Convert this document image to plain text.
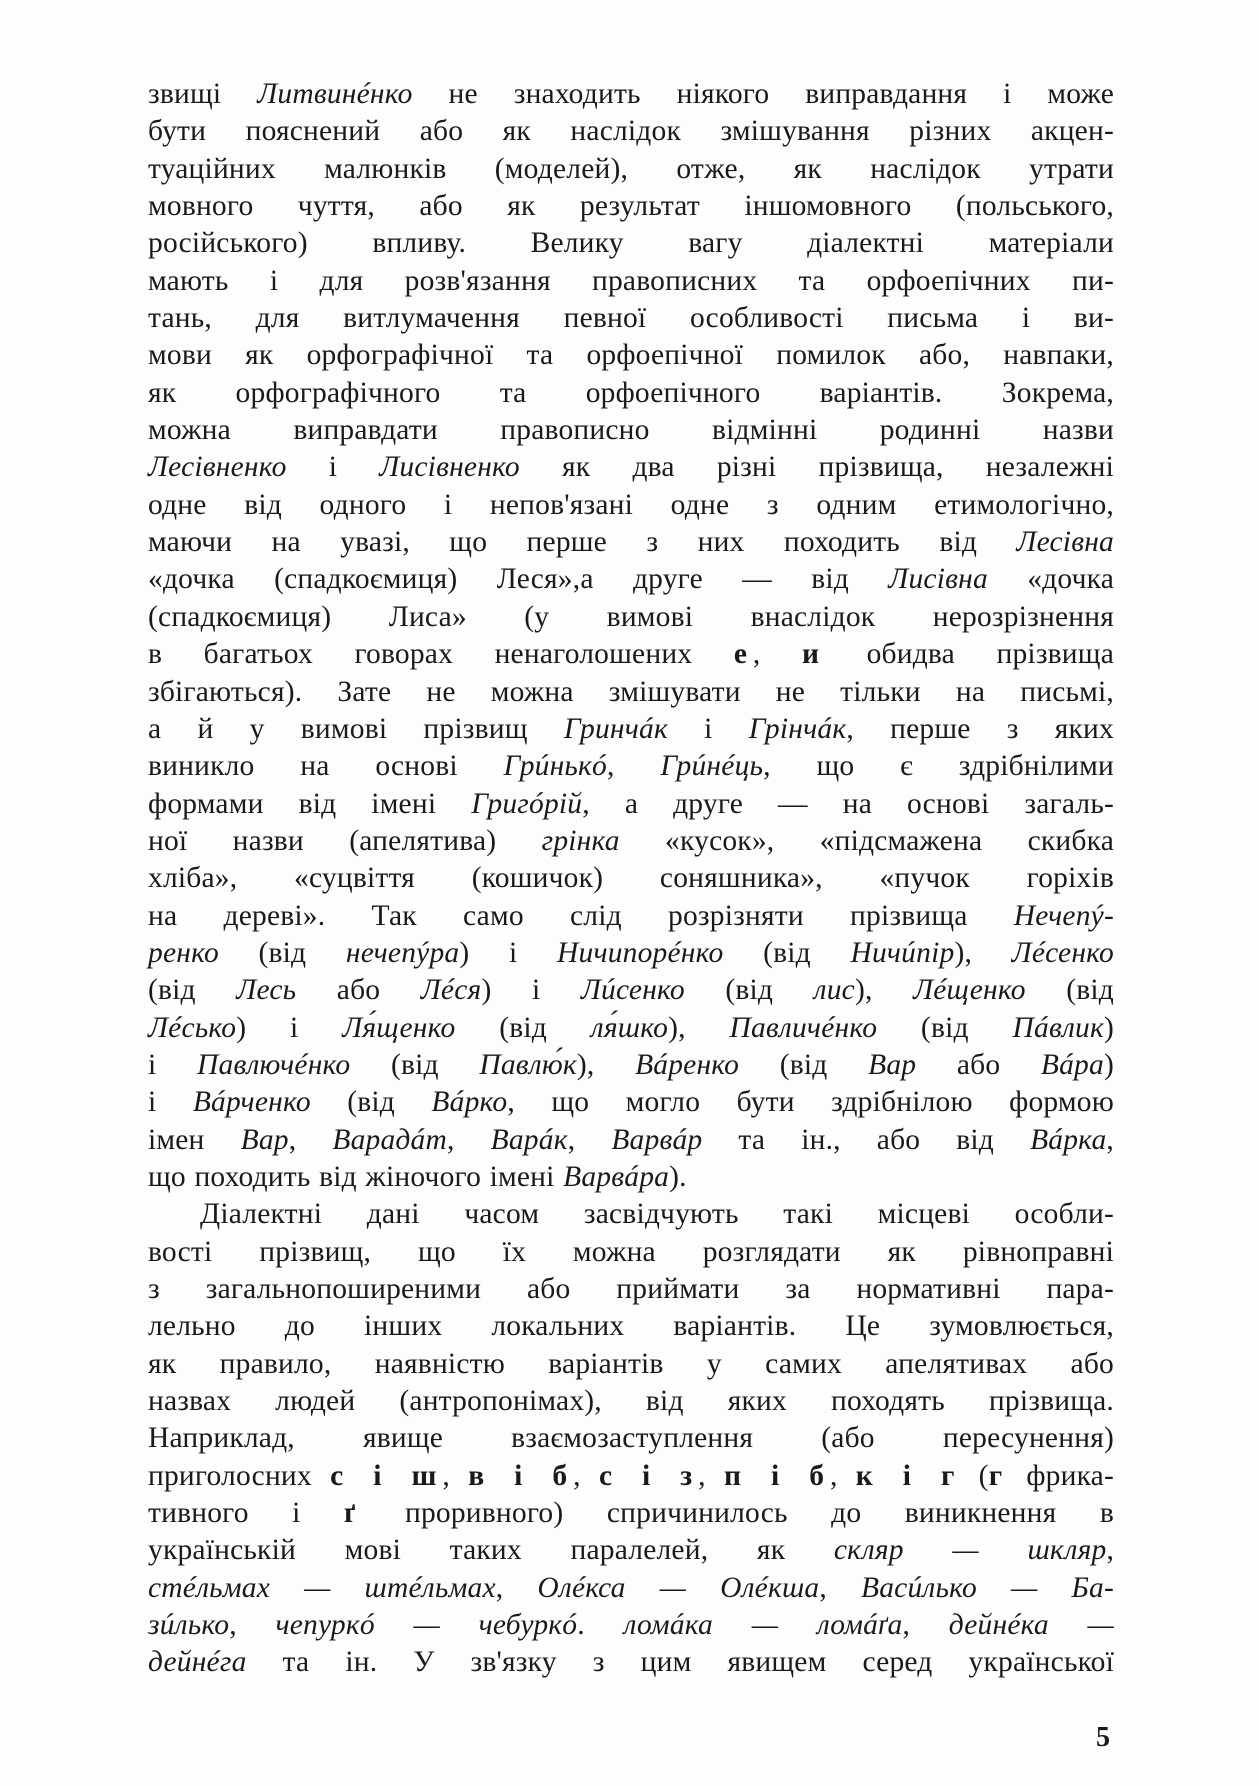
звищі Литвинéнко не знаходить ніякого виправдання і може
бути пояснений або як наслідок змішування різних акцен-
туаційних малюнків (моделей), отже, як наслідок утрати
мовного чуття, або як результат іншомовного (польського,
російського) впливу. Велику вагу діалектні матеріали
мають і для розв'язання правописних та орфоепічних пи-
тань, для витлумачення певної особливості письма і ви-
мови як орфографічної та орфоепічної помилок або, навпаки,
як орфографічного та орфоепічного варіантів. Зокрема,
можна виправдати правописно відмінні родинні назви
Лесівненко і Лисівненко як два різні прізвища, незалежні
одне від одного і непов'язані одне з одним етимологічно,
маючи на увазі, що перше з них походить від Лесівна
«дочка (спадкоємиця) Леся»,а друге — від Лисівна «дочка
(спадкоємиця) Лиса» (у вимові внаслідок нерозрізнення
в багатьох говорах ненаголошених е, и обидва прізвища
збігаються). Зате не можна змішувати не тільки на письмі,
а й у вимові прізвищ Гринчáк і Грінчáк, перше з яких
виникло на основі Грúнькó, Грúнéць, що є здрібнілими
формами від імені Григóрій, а друге — на основі загаль-
ної назви (апелятива) грінка «кусок», «підсмажена скибка
хліба», «суцвіття (кошичок) соняшника», «пучок горіхів
на дереві». Так само слід розрізняти прізвища Нечепý-
ренко (від нечепýра) і Ничипорéнко (від Ничúпір), Лéсенко
(від Лесь або Лéся) і Лúсенко (від лис), Лéщенко (від
Лéсько) і Ля́щенко (від ля́шко), Павличéнко (від Пáвлик)
і Павлючéнко (від Павлю́к), Вáренко (від Вар або Вáра)
і Вáрченко (від Вáрко, що могло бути здрібнілою формою
імен Вар, Варадáт, Варáк, Варвáр та ін., або від Вáрка,
що походить від жіночого імені Варвáра).
Діалектні дані часом засвідчують такі місцеві особли-
вості прізвищ, що їх можна розглядати як рівноправні
з загальнопоширеними або приймати за нормативні пара-
лельно до інших локальних варіантів. Це зумовлюється,
як правило, наявністю варіантів у самих апелятивах або
назвах людей (антропонімах), від яких походять прізвища.
Наприклад, явище взаємозаступлення (або пересунення)
приголосних с і ш, в і б, с і з, п і б, к і г (г фрика-
тивного і ґ проривного) спричинилось до виникнення в
українській мові таких паралелей, як скляр — шкляр,
стéльмах — штéльмах, Олéкса — Олéкша, Васúлько — Ба-
зúлько, чепуркó — чебуркó. ломáка — ломáґа, дейнéка —
дейнéга та ін. У зв'язку з цим явищем серед української
5
